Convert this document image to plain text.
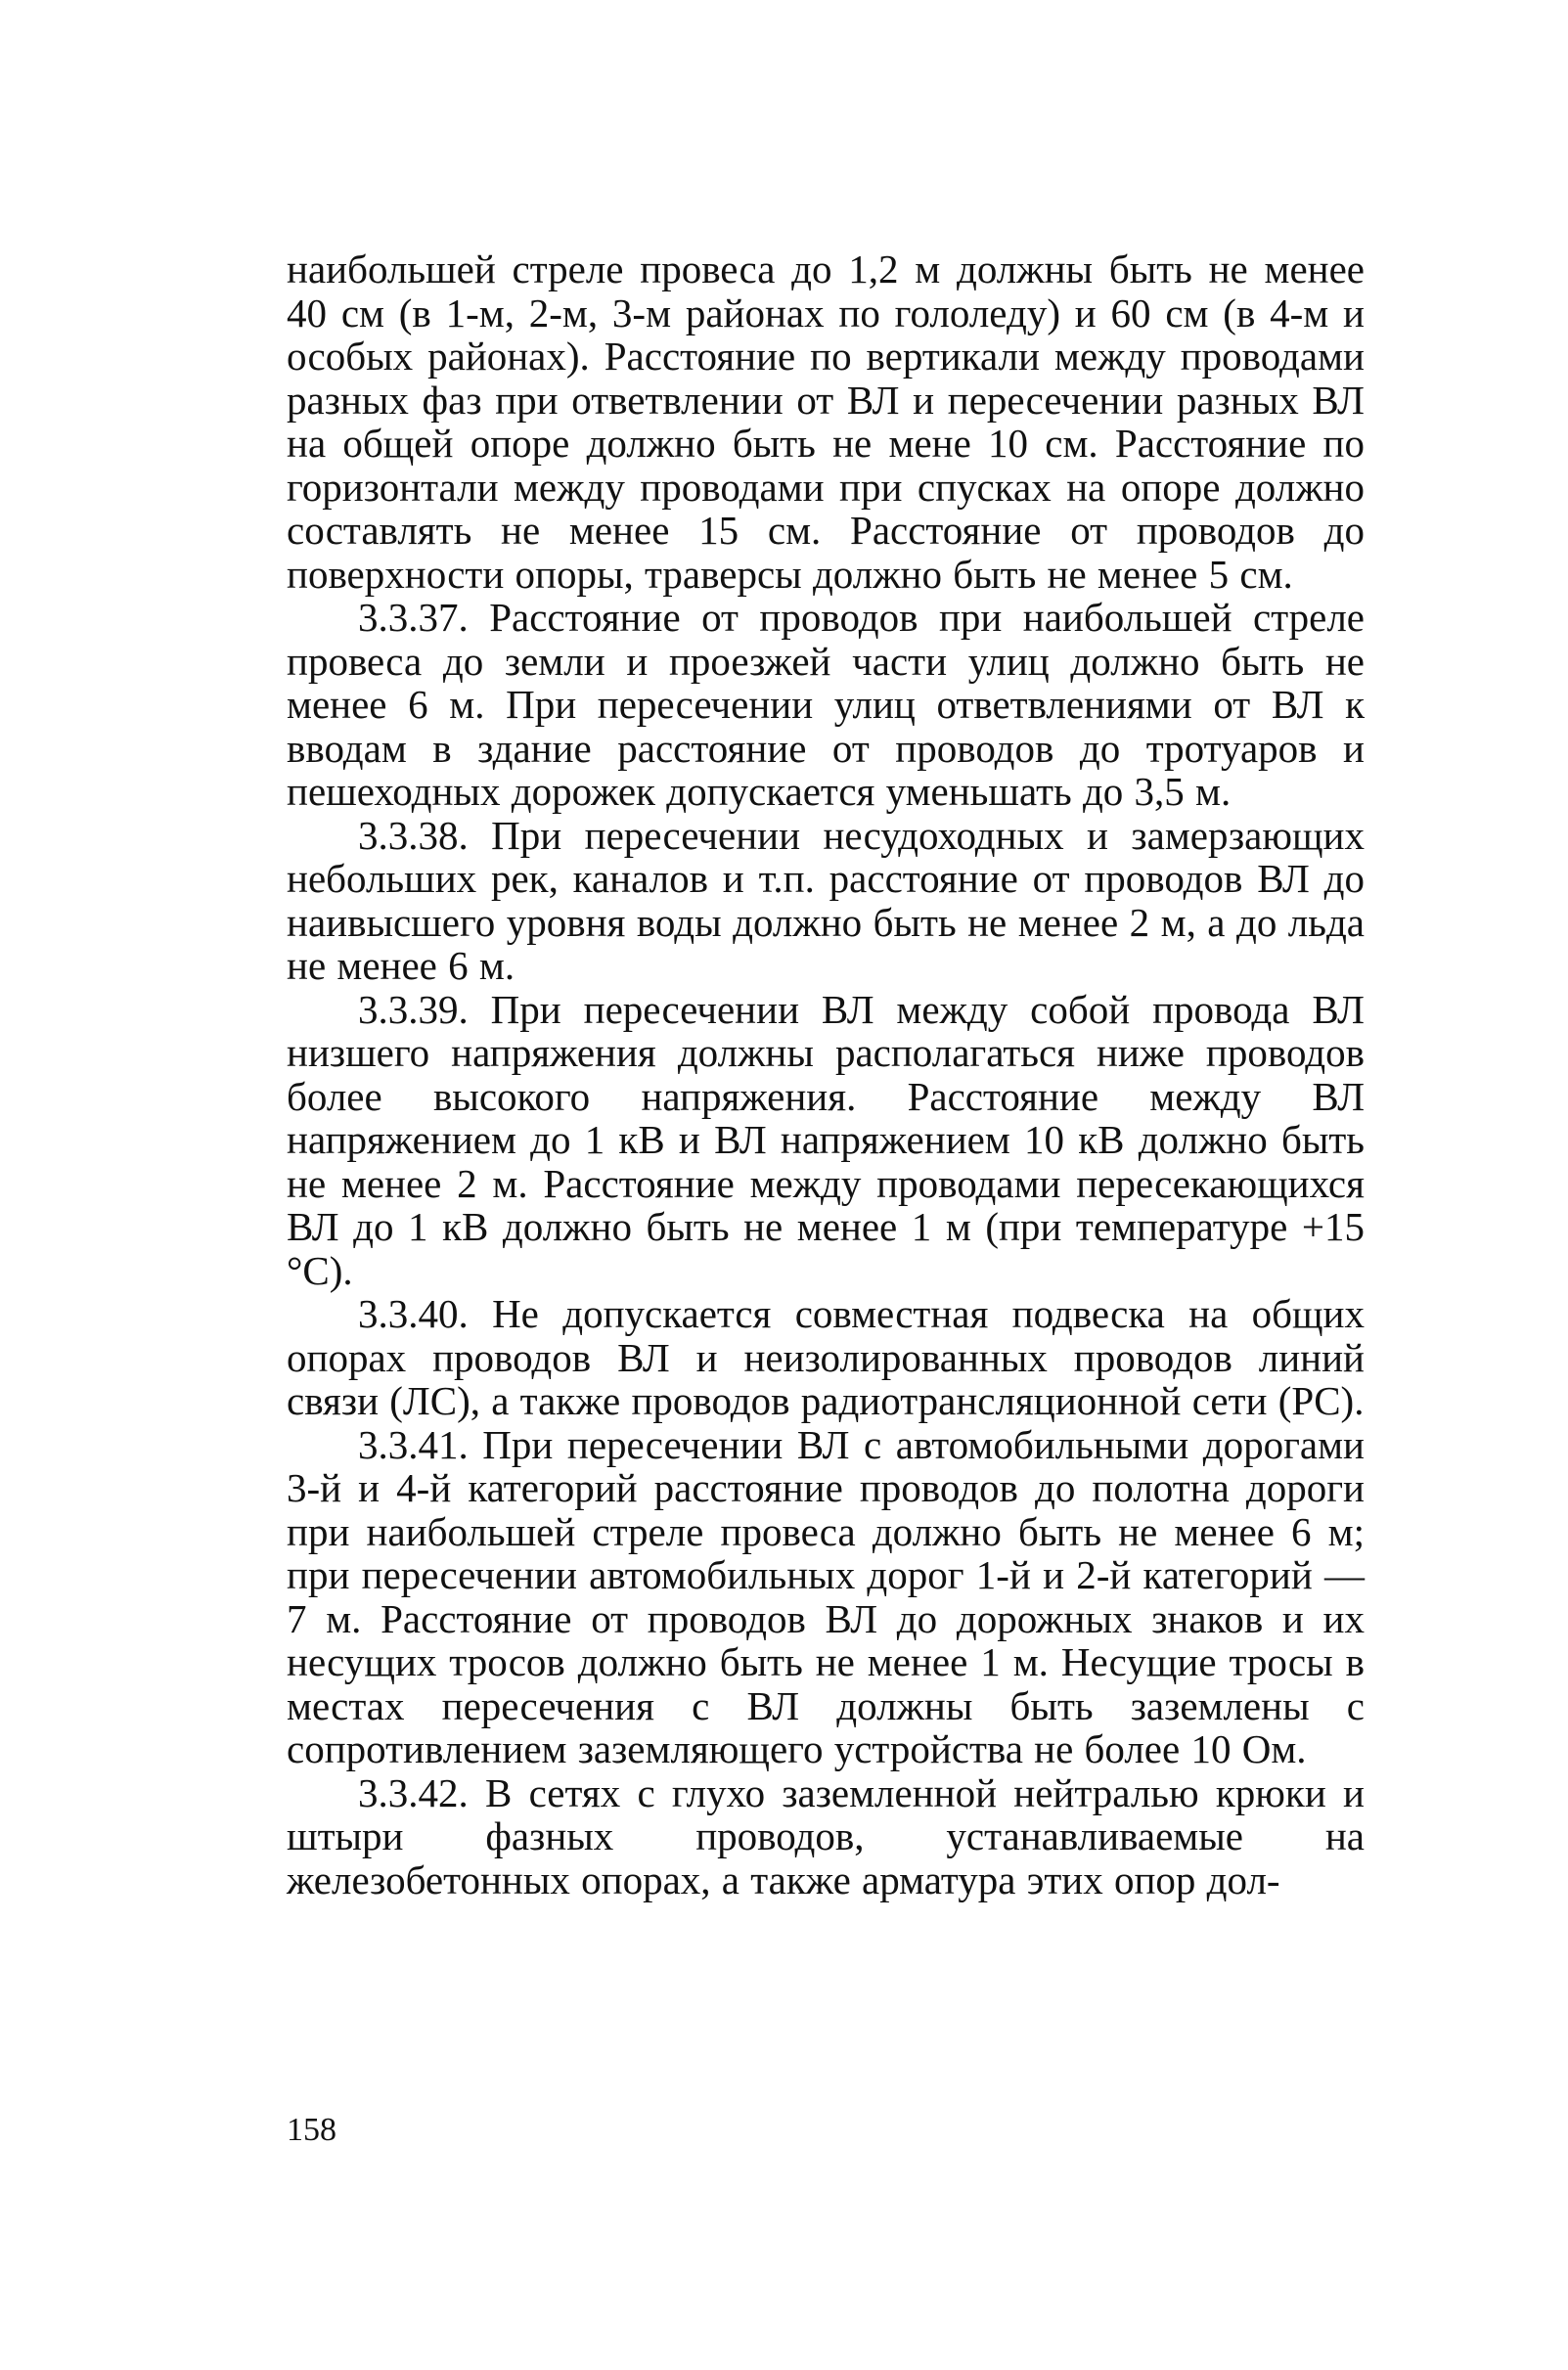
наибольшей стреле провеса до 1,2 м должны быть не менее 40 см (в 1-м, 2-м, 3-м районах по гололеду) и 60 см (в 4-м и особых районах). Расстояние по вертикали между проводами разных фаз при ответвлении от ВЛ и пересечении разных ВЛ на общей опоре должно быть не мене 10 см. Расстояние по горизонтали между проводами при спусках на опоре должно составлять не менее 15 см. Расстояние от проводов до поверхности опоры, траверсы должно быть не менее 5 см.

3.3.37. Расстояние от проводов при наибольшей стреле провеса до земли и проезжей части улиц должно быть не менее 6 м. При пересечении улиц ответвлениями от ВЛ к вводам в здание расстояние от проводов до тротуаров и пешеходных дорожек допускается уменьшать до 3,5 м.

3.3.38. При пересечении несудоходных и замерзающих небольших рек, каналов и т.п. расстояние от проводов ВЛ до наивысшего уровня воды должно быть не менее 2 м, а до льда не менее 6 м.

3.3.39. При пересечении ВЛ между собой провода ВЛ низшего напряжения должны располагаться ниже проводов более высокого напряжения. Расстояние между ВЛ напряжением до 1 кВ и ВЛ напряжением 10 кВ должно быть не менее 2 м. Расстояние между проводами пересекающихся ВЛ до 1 кВ должно быть не менее 1 м (при температуре +15 °С).

3.3.40. Не допускается совместная подвеска на общих опорах проводов ВЛ и неизолированных проводов линий связи (ЛС), а также проводов радиотрансляционной сети (PC).

3.3.41. При пересечении ВЛ с автомобильными дорогами 3-й и 4-й категорий расстояние проводов до полотна дороги при наибольшей стреле провеса должно быть не менее 6 м; при пересечении автомобильных дорог 1-й и 2-й категорий — 7 м. Расстояние от проводов ВЛ до дорожных знаков и их несущих тросов должно быть не менее 1 м. Несущие тросы в местах пересечения с ВЛ должны быть заземлены с сопротивлением заземляющего устройства не более 10 Ом.

3.3.42. В сетях с глухо заземленной нейтралью крюки и штыри фазных проводов, устанавливаемые на железобетонных опорах, а также арматура этих опор дол-

158
